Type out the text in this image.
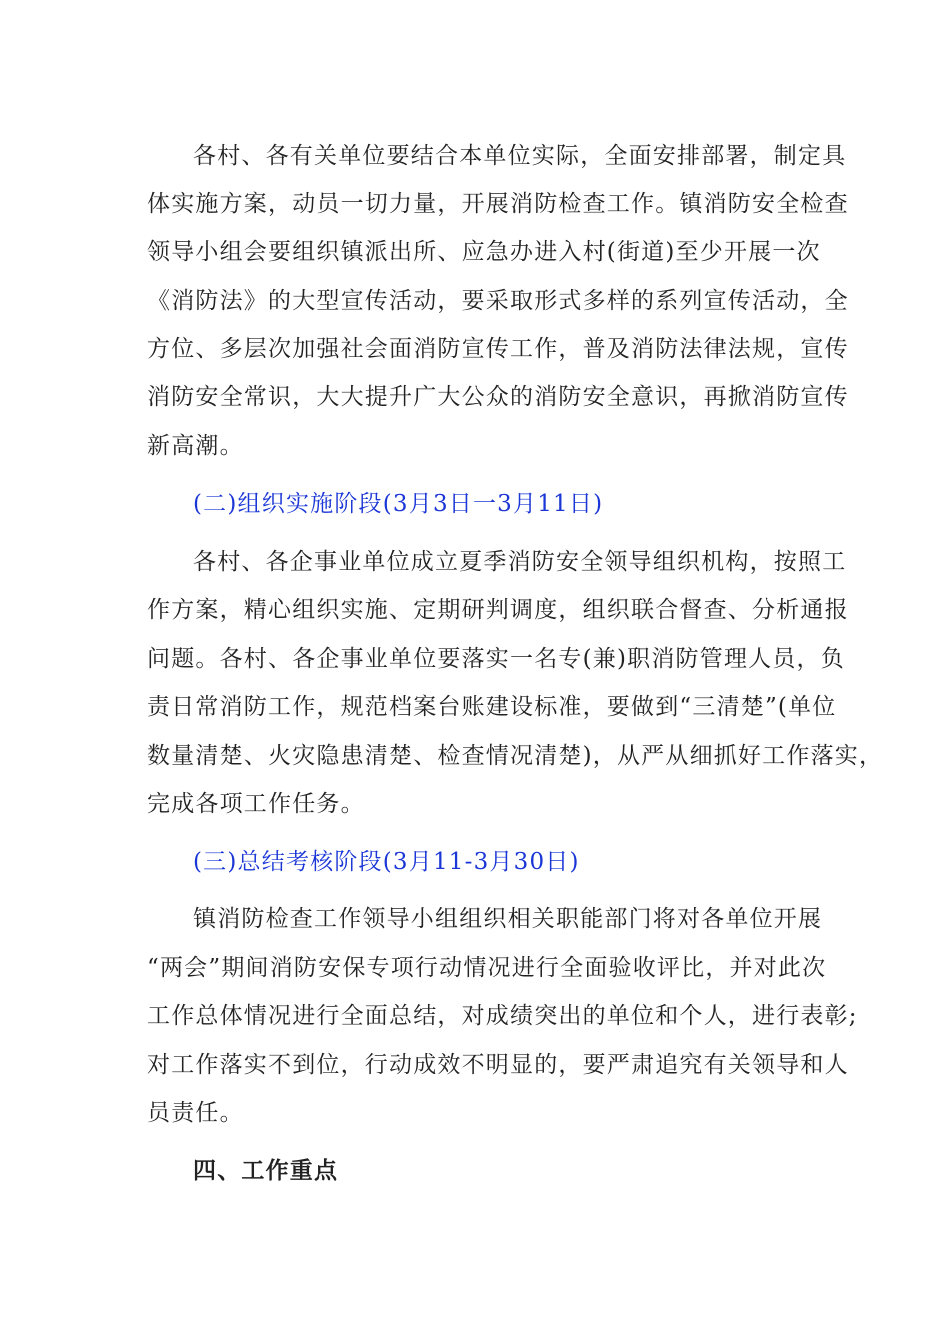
各村、各有关单位要结合本单位实际，全面安排部署，制定具
体实施方案，动员一切力量，开展消防检查工作。镇消防安全检查
领导小组会要组织镇派出所、应急办进入村(街道)至少开展一次
《消防法》的大型宣传活动，要采取形式多样的系列宣传活动，全
方位、多层次加强社会面消防宣传工作，普及消防法律法规，宣传
消防安全常识，大大提升广大公众的消防安全意识，再掀消防宣传
新高潮。
(二)组织实施阶段(3月3日一3月11日)
各村、各企事业单位成立夏季消防安全领导组织机构，按照工
作方案，精心组织实施、定期研判调度，组织联合督查、分析通报
问题。各村、各企事业单位要落实一名专(兼)职消防管理人员，负
责日常消防工作，规范档案台账建设标准，要做到“三清楚”(单位
数量清楚、火灾隐患清楚、检查情况清楚)，从严从细抓好工作落实，
完成各项工作任务。
(三)总结考核阶段(3月11-3月30日)
镇消防检查工作领导小组组织相关职能部门将对各单位开展
“两会”期间消防安保专项行动情况进行全面验收评比，并对此次
工作总体情况进行全面总结，对成绩突出的单位和个人，进行表彰;
对工作落实不到位，行动成效不明显的，要严肃追究有关领导和人
员责任。
四、工作重点
